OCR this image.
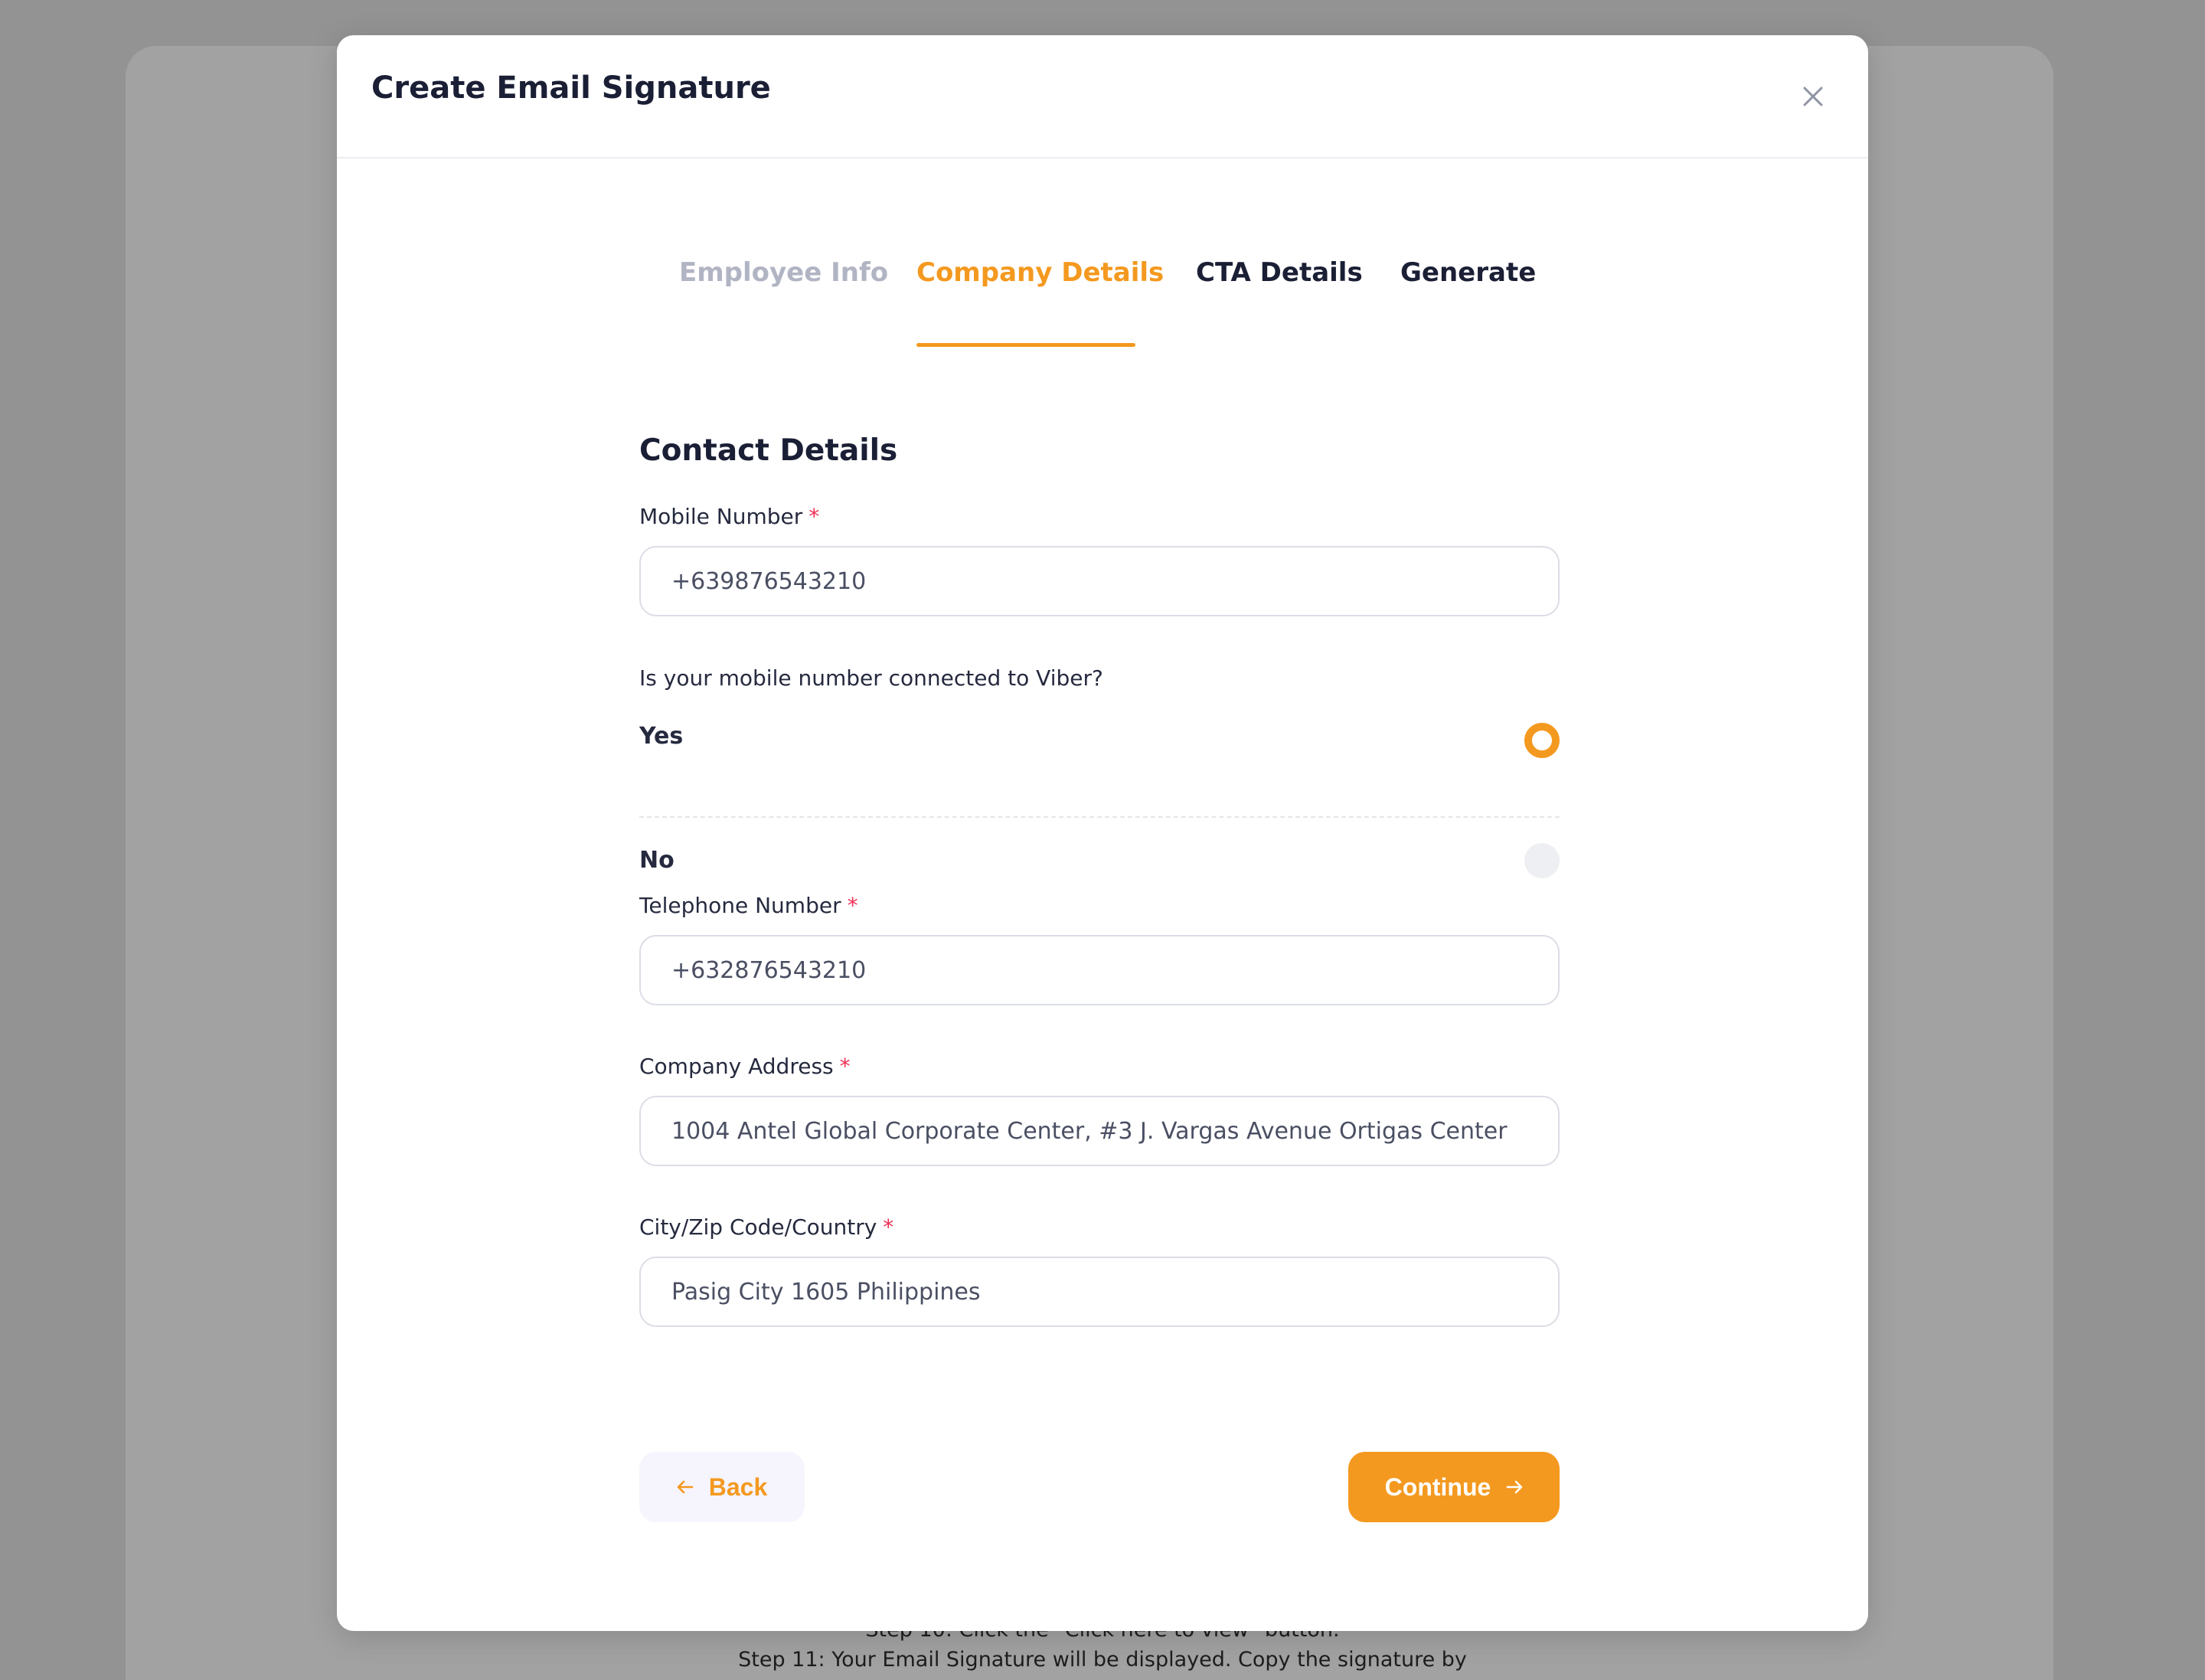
Step 11: Your Email Signature will be displayed. Copy the signature by
Create Email Signature
Employee Info Company Details CTA Details Generate
Contact Details
Mobile Number *
+639876543210
Is your mobile number connected to Viber?
Yes
No
Telephone Number *
+632876543210
Company Address *
1004 Antel Global Corporate Center, #3 J. Vargas Avenue Ortigas Center
City/Zip Code/Country *
Pasig City 1605 Philippines
Back	Continue
